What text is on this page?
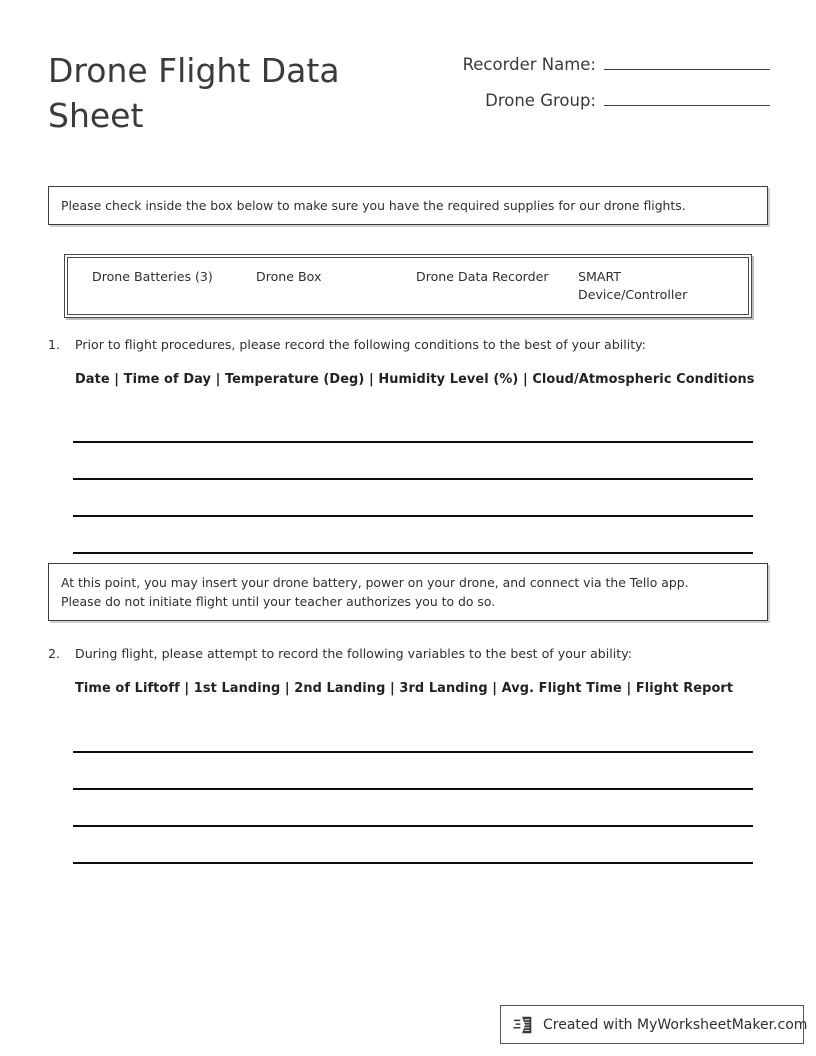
Drone Flight Data Sheet
Recorder Name:
Drone Group:

Please check inside the box below to make sure you have the required supplies for our drone flights.

Drone Batteries (3)	Drone Box	Drone Data Recorder	SMART Device/Controller
1.	Prior to flight procedures, please record the following conditions to the best of your ability:
Date | Time of Day | Temperature (Deg) | Humidity Level (%) | Cloud/Atmospheric Conditions

At this point, you may insert your drone battery, power on your drone, and connect via the Tello app.

Please do not initiate flight until your teacher authorizes you to do so.

2.	During flight, please attempt to record the following variables to the best of your ability:
Time of Liftoff | 1st Landing | 2nd Landing | 3rd Landing | Avg. Flight Time | Flight Report
Created with MyWorksheetMaker.com
